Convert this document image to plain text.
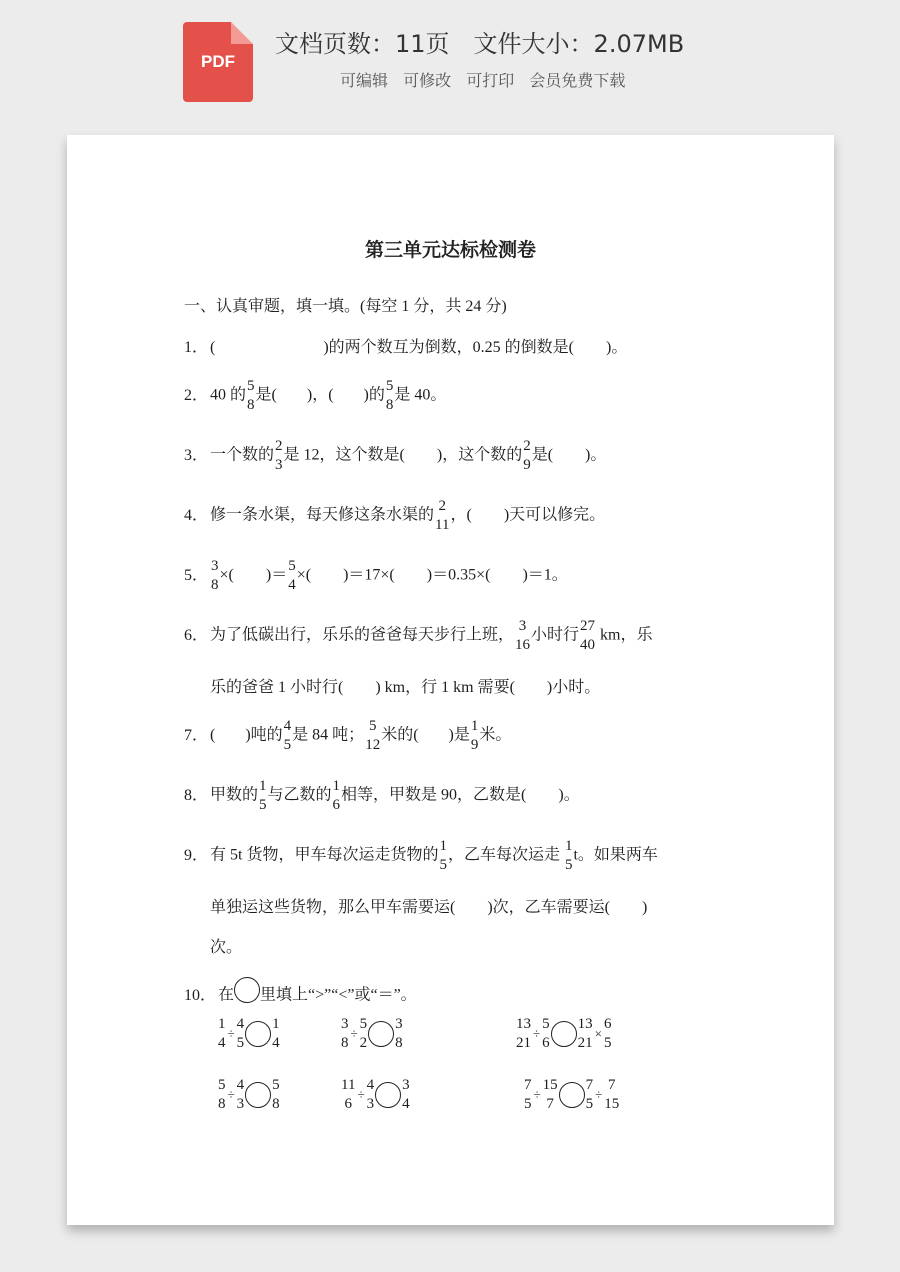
PDF
文档页数：11页 文件大小：2.07MB
可编辑 可修改 可打印 会员免费下载
第三单元达标检测卷
一、认真审题，填一填。(每空 1 分，共 24 分)
1． (	)的两个数互为倒数，0.25 的倒数是( )。
2． 40 的
5
8
是( )，( )的
5
8
是 40。
3． 一个数的
2
3
是 12，这个数是( )，这个数的
2
9
是( )。
4． 修一条水渠，每天修这条水渠的
2
11
，( )天可以修完。
5．
3
8
×( )＝
5
4
×( )＝17×( )＝0.35×( )＝1。
6． 为了低碳出行，乐乐的爸爸每天步行上班，
3
16
小时行
27
40
km，乐
乐的爸爸 1 小时行( ) km，行 1 km 需要( )小时。
7． ( )吨的
4
5
是 84 吨；
5
12
米的( )是
1
9
米。
8． 甲数的
1
5
与乙数的
1
6
相等，甲数是 90，乙数是( )。
9． 有 5t 货物，甲车每次运走货物的
1
5
，乙车每次运走
1
5
t。如果两车
单独运这些货物，那么甲车需要运( )次，乙车需要运( )
次。
10． 在 里填上“>”“<”或“＝”。
1
4
÷
4
5
1
4
3
8
÷
5
2
3
8
13
21
÷
5
6
13
21
×
6
5
5
8
÷
4
3
5
8
11
6
÷
4
3
3
4
7
5
÷
15
7
7
5
÷
7
15
